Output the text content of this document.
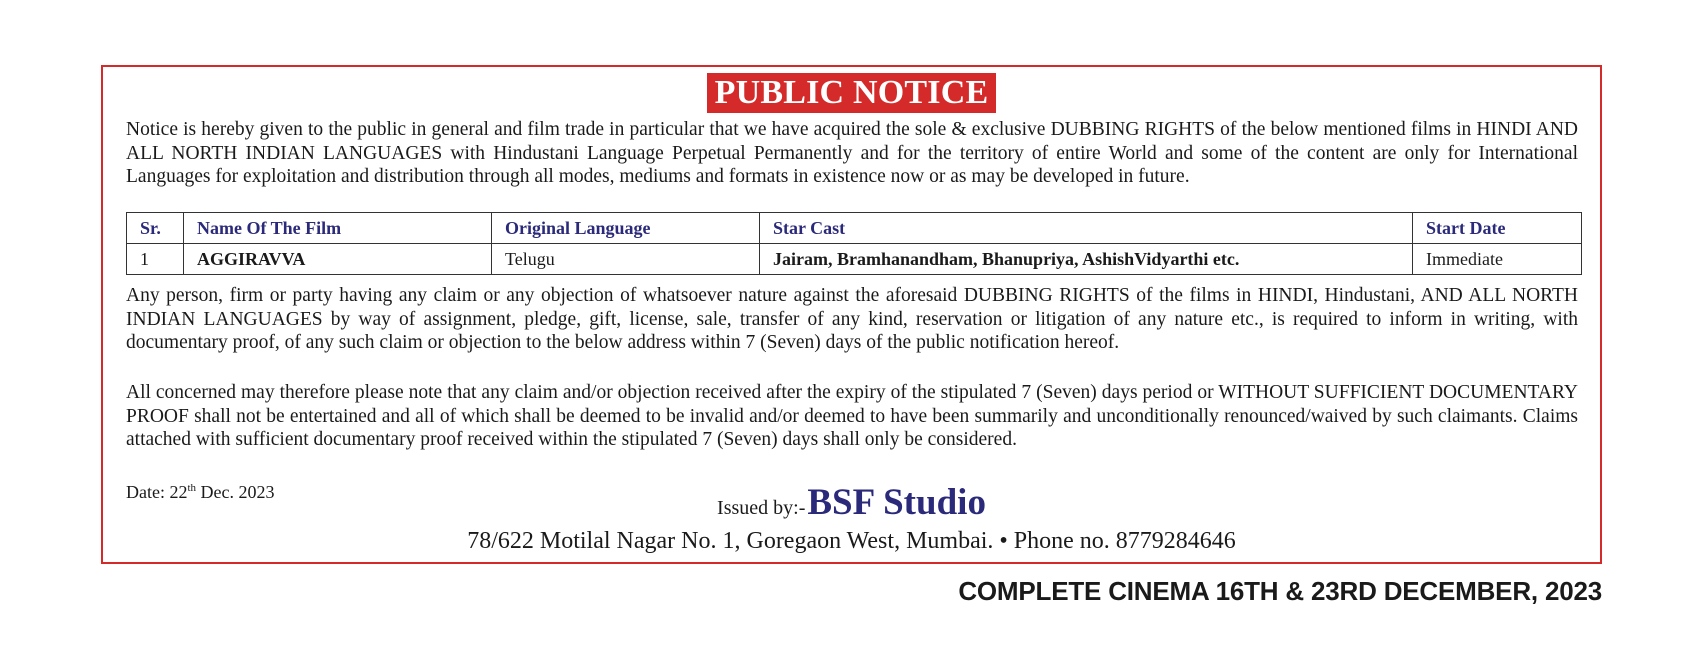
PUBLIC NOTICE

Notice is hereby given to the public in general and film trade in particular that we have acquired the sole & exclusive DUBBING RIGHTS of the below mentioned films in HINDI AND ALL NORTH INDIAN LANGUAGES with Hindustani Language Perpetual Permanently and for the territory of entire World and some of the content are only for International Languages for exploitation and distribution through all modes, mediums and formats in existence now or as may be developed in future.

Sr.	Name Of The Film	Original Language	Star Cast	Start Date
1	AGGIRAVVA	Telugu	Jairam, Bramhanandham, Bhanupriya, AshishVidyarthi etc.	Immediate

Any person, firm or party having any claim or any objection of whatsoever nature against the aforesaid DUBBING RIGHTS of the films in HINDI, Hindustani, AND ALL NORTH INDIAN LANGUAGES by way of assignment, pledge, gift, license, sale, transfer of any kind, reservation or litigation of any nature etc., is required to inform in writing, with documentary proof, of any such claim or objection to the below address within 7 (Seven) days of the public notification hereof.

All concerned may therefore please note that any claim and/or objection received after the expiry of the stipulated 7 (Seven) days period or WITHOUT SUFFICIENT DOCUMENTARY PROOF shall not be entertained and all of which shall be deemed to be invalid and/or deemed to have been summarily and unconditionally renounced/waived by such claimants. Claims attached with sufficient documentary proof received within the stipulated 7 (Seven) days shall only be considered.

Date: 22th Dec. 2023
Issued by:-BSF Studio
78/622 Motilal Nagar No. 1, Goregaon West, Mumbai. • Phone no. 8779284646
COMPLETE CINEMA 16TH & 23RD DECEMBER, 2023
